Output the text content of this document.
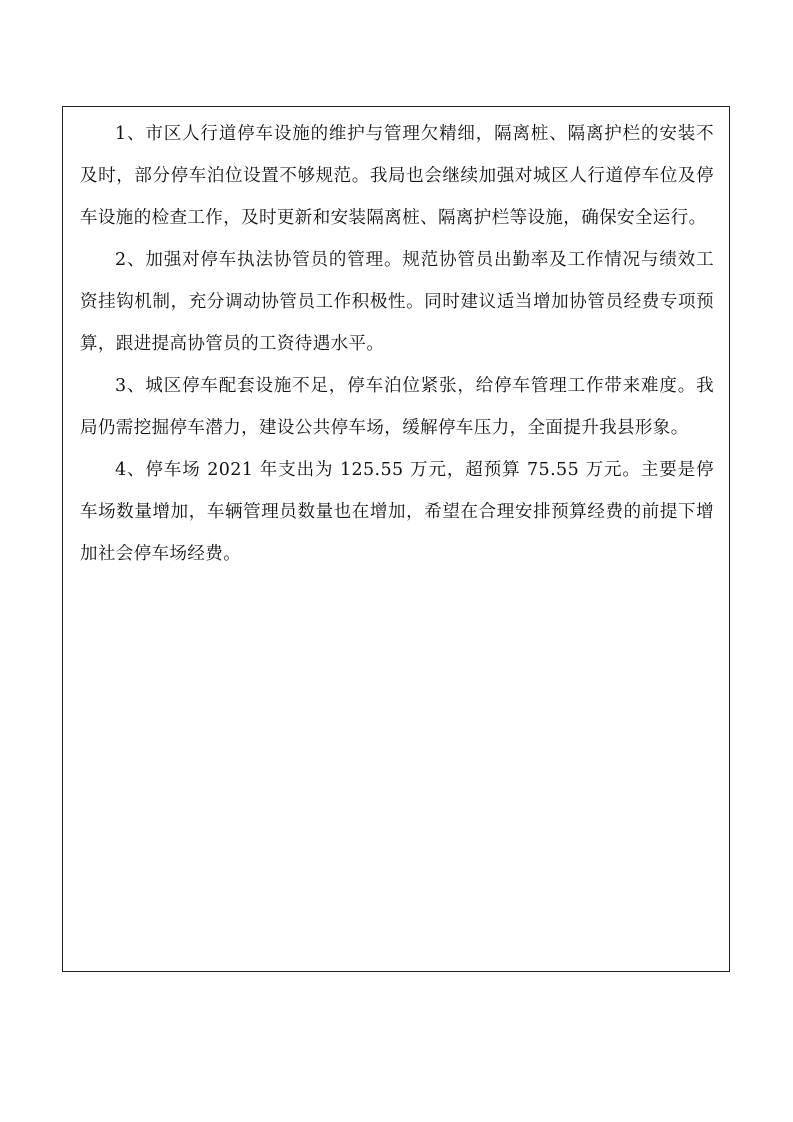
1、市区人行道停车设施的维护与管理欠精细，隔离桩、隔离护栏的安装不及时，部分停车泊位设置不够规范。我局也会继续加强对城区人行道停车位及停车设施的检查工作，及时更新和安装隔离桩、隔离护栏等设施，确保安全运行。

2、加强对停车执法协管员的管理。规范协管员出勤率及工作情况与绩效工资挂钩机制，充分调动协管员工作积极性。同时建议适当增加协管员经费专项预算，跟进提高协管员的工资待遇水平。

3、城区停车配套设施不足，停车泊位紧张，给停车管理工作带来难度。我局仍需挖掘停车潜力，建设公共停车场，缓解停车压力，全面提升我县形象。

4、停车场 2021 年支出为 125.55 万元，超预算 75.55 万元。主要是停车场数量增加，车辆管理员数量也在增加，希望在合理安排预算经费的前提下增加社会停车场经费。
